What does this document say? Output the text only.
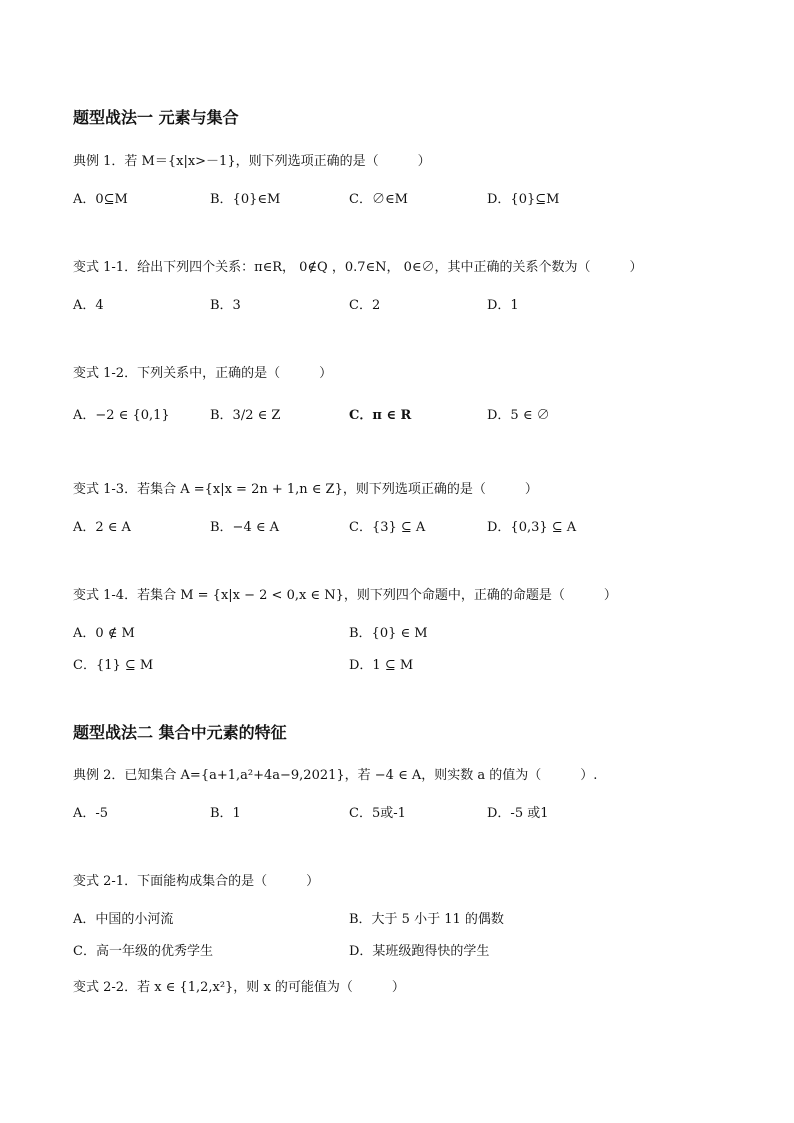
题型战法一 元素与集合
典例 1．若 M＝{x|x>－1}，则下列选项正确的是（　　　）
A．0⊆M	B．{0}∈M	C．∅∈M	D．{0}⊆M
变式 1-1．给出下列四个关系：π∈R， 0∉Q ，0.7∈N， 0∈∅，其中正确的关系个数为（　　　）
A．4	B．3	C．2	D．1
变式 1-2．下列关系中，正确的是（　　　）
A．−2 ∈ {0,1}	B．3/2 ∈ Z	C．π ∈ R	D．5 ∈ ∅
变式 1-3．若集合 A ={x|x = 2n + 1,n ∈ Z}，则下列选项正确的是（　　　）
A．2 ∈ A	B．−4 ∈ A	C．{3} ⊆ A	D．{0,3} ⊆ A
变式 1-4．若集合 M = {x|x − 2 < 0,x ∈ N}，则下列四个命题中，正确的命题是（　　　）
A．0 ∉ M	B．{0} ∈ M
C．{1} ⊆ M	D．1 ⊆ M
题型战法二 集合中元素的特征
典例 2．已知集合 A={a+1,a²+4a−9,2021}，若 −4 ∈ A，则实数 a 的值为（　　　）.
A．-5	B．1	C．5或-1	D．-5 或1
变式 2-1．下面能构成集合的是（　　　）
A．中国的小河流	B．大于 5 小于 11 的偶数
C．高一年级的优秀学生	D．某班级跑得快的学生
变式 2-2．若 x ∈ {1,2,x²}，则 x 的可能值为（　　　）
